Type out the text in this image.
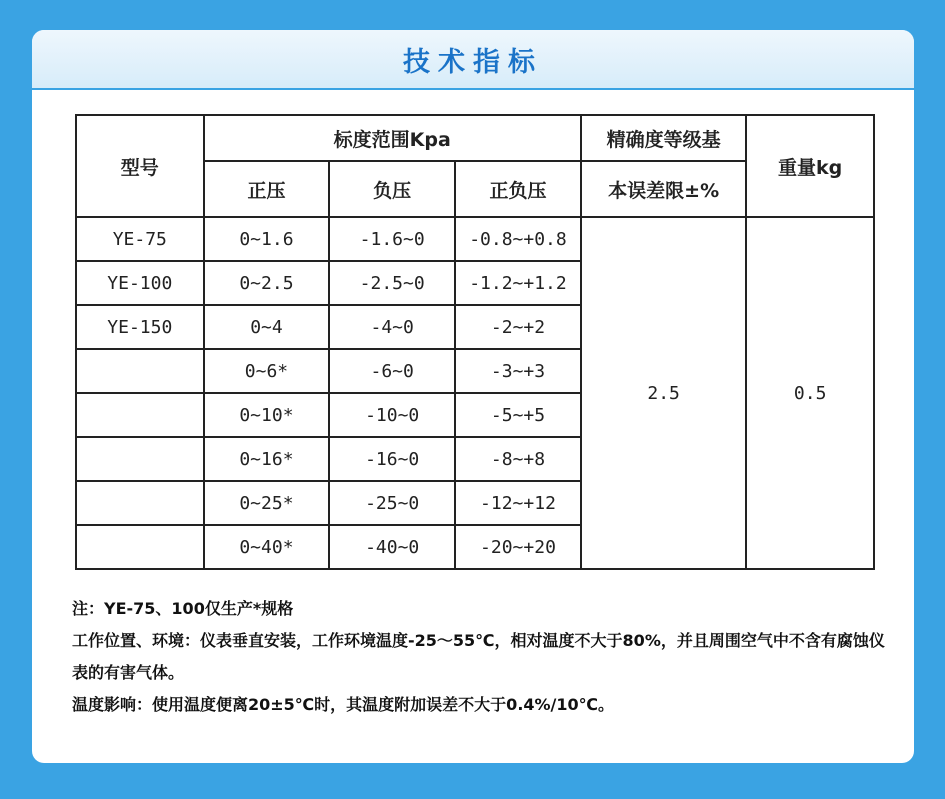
技术指标
型号	标度范围Kpa			精确度等级基	重量kg
	正压	负压	正负压	本误差限±%	
YE-75	0~1.6	-1.6~0	-0.8~+0.8	2.5	0.5
YE-100	0~2.5	-2.5~0	-1.2~+1.2		
YE-150	0~4	-4~0	-2~+2		
	0~6*	-6~0	-3~+3		
	0~10*	-10~0	-5~+5		
	0~16*	-16~0	-8~+8		
	0~25*	-25~0	-12~+12		
	0~40*	-40~0	-20~+20		

注：YE-75、100仅生产*规格

工作位置、环境：仪表垂直安装，工作环境温度-25～55℃，相对温度不大于80%，并且周围空气中不含有腐蚀仪表的有害气体。

温度影响：使用温度便离20±5℃时，其温度附加误差不大于0.4%/10℃。
